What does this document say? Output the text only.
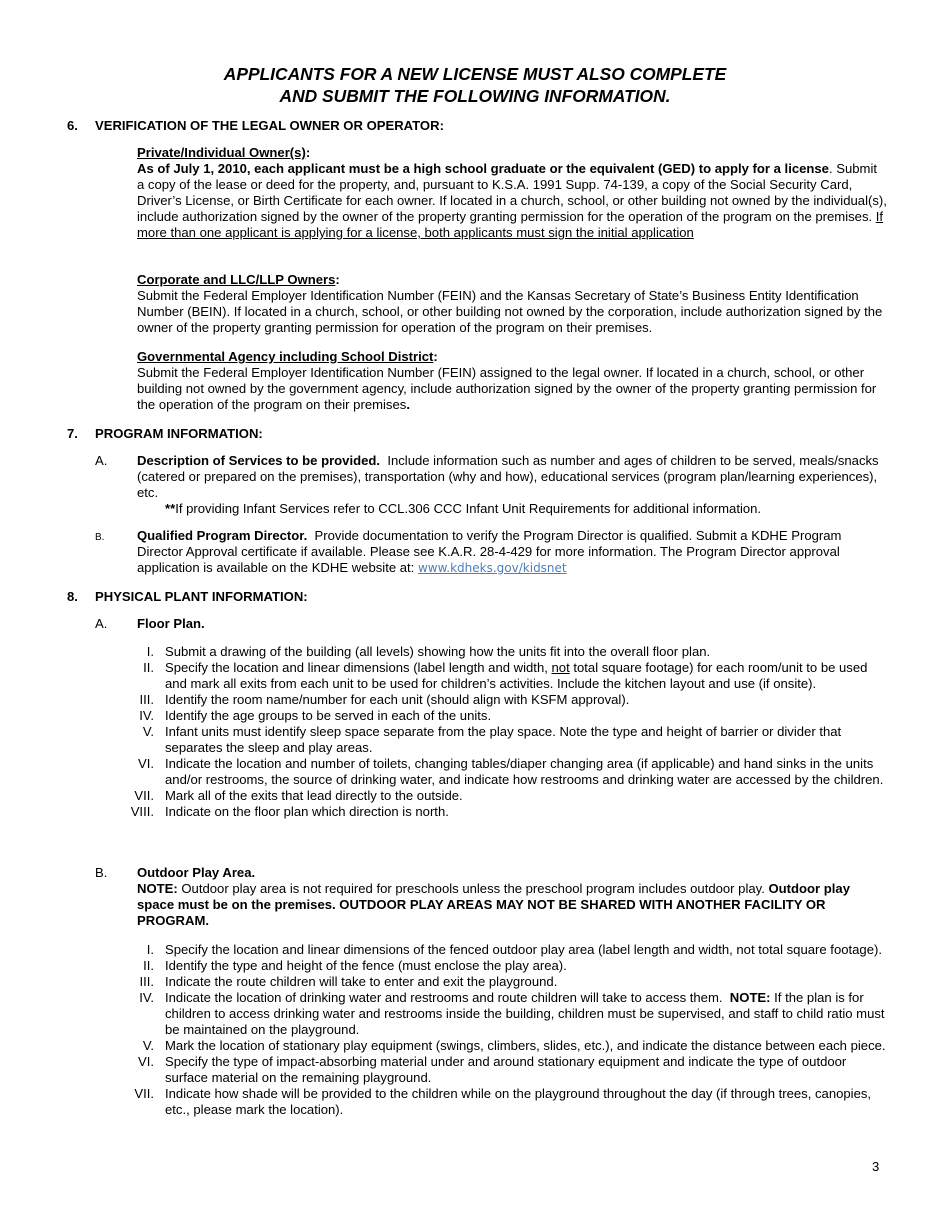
APPLICANTS FOR A NEW LICENSE MUST ALSO COMPLETE
AND SUBMIT THE FOLLOWING INFORMATION.
6. VERIFICATION OF THE LEGAL OWNER OR OPERATOR:
Private/Individual Owner(s):
As of July 1, 2010, each applicant must be a high school graduate or the equivalent (GED) to apply for a license. Submit a copy of the lease or deed for the property, and, pursuant to K.S.A. 1991 Supp. 74-139, a copy of the Social Security Card, Driver’s License, or Birth Certificate for each owner. If located in a church, school, or other building not owned by the individual(s), include authorization signed by the owner of the property granting permission for the operation of the program on the premises. If more than one applicant is applying for a license, both applicants must sign the initial application
Corporate and LLC/LLP Owners:
Submit the Federal Employer Identification Number (FEIN) and the Kansas Secretary of State’s Business Entity Identification Number (BEIN). If located in a church, school, or other building not owned by the corporation, include authorization signed by the owner of the property granting permission for operation of the program on their premises.
Governmental Agency including School District:
Submit the Federal Employer Identification Number (FEIN) assigned to the legal owner. If located in a church, school, or other building not owned by the government agency, include authorization signed by the owner of the property granting permission for the operation of the program on their premises.
7. PROGRAM INFORMATION:
A. Description of Services to be provided. Include information such as number and ages of children to be served, meals/snacks (catered or prepared on the premises), transportation (why and how), educational services (program plan/learning experiences), etc.
**If providing Infant Services refer to CCL.306 CCC Infant Unit Requirements for additional information.
B. Qualified Program Director. Provide documentation to verify the Program Director is qualified. Submit a KDHE Program Director Approval certificate if available. Please see K.A.R. 28-4-429 for more information. The Program Director approval application is available on the KDHE website at: www.kdheks.gov/kidsnet
8. PHYSICAL PLANT INFORMATION:
A. Floor Plan.
I. Submit a drawing of the building (all levels) showing how the units fit into the overall floor plan.
II. Specify the location and linear dimensions (label length and width, not total square footage) for each room/unit to be used and mark all exits from each unit to be used for children’s activities. Include the kitchen layout and use (if onsite).
III. Identify the room name/number for each unit (should align with KSFM approval).
IV. Identify the age groups to be served in each of the units.
V. Infant units must identify sleep space separate from the play space. Note the type and height of barrier or divider that separates the sleep and play areas.
VI. Indicate the location and number of toilets, changing tables/diaper changing area (if applicable) and hand sinks in the units and/or restrooms, the source of drinking water, and indicate how restrooms and drinking water are accessed by the children.
VII. Mark all of the exits that lead directly to the outside.
VIII. Indicate on the floor plan which direction is north.
B. Outdoor Play Area.
NOTE: Outdoor play area is not required for preschools unless the preschool program includes outdoor play. Outdoor play space must be on the premises. OUTDOOR PLAY AREAS MAY NOT BE SHARED WITH ANOTHER FACILITY OR PROGRAM.
I. Specify the location and linear dimensions of the fenced outdoor play area (label length and width, not total square footage).
II. Identify the type and height of the fence (must enclose the play area).
III. Indicate the route children will take to enter and exit the playground.
IV. Indicate the location of drinking water and restrooms and route children will take to access them. NOTE: If the plan is for children to access drinking water and restrooms inside the building, children must be supervised, and staff to child ratio must be maintained on the playground.
V. Mark the location of stationary play equipment (swings, climbers, slides, etc.), and indicate the distance between each piece.
VI. Specify the type of impact-absorbing material under and around stationary equipment and indicate the type of outdoor surface material on the remaining playground.
VII. Indicate how shade will be provided to the children while on the playground throughout the day (if through trees, canopies, etc., please mark the location).
3
